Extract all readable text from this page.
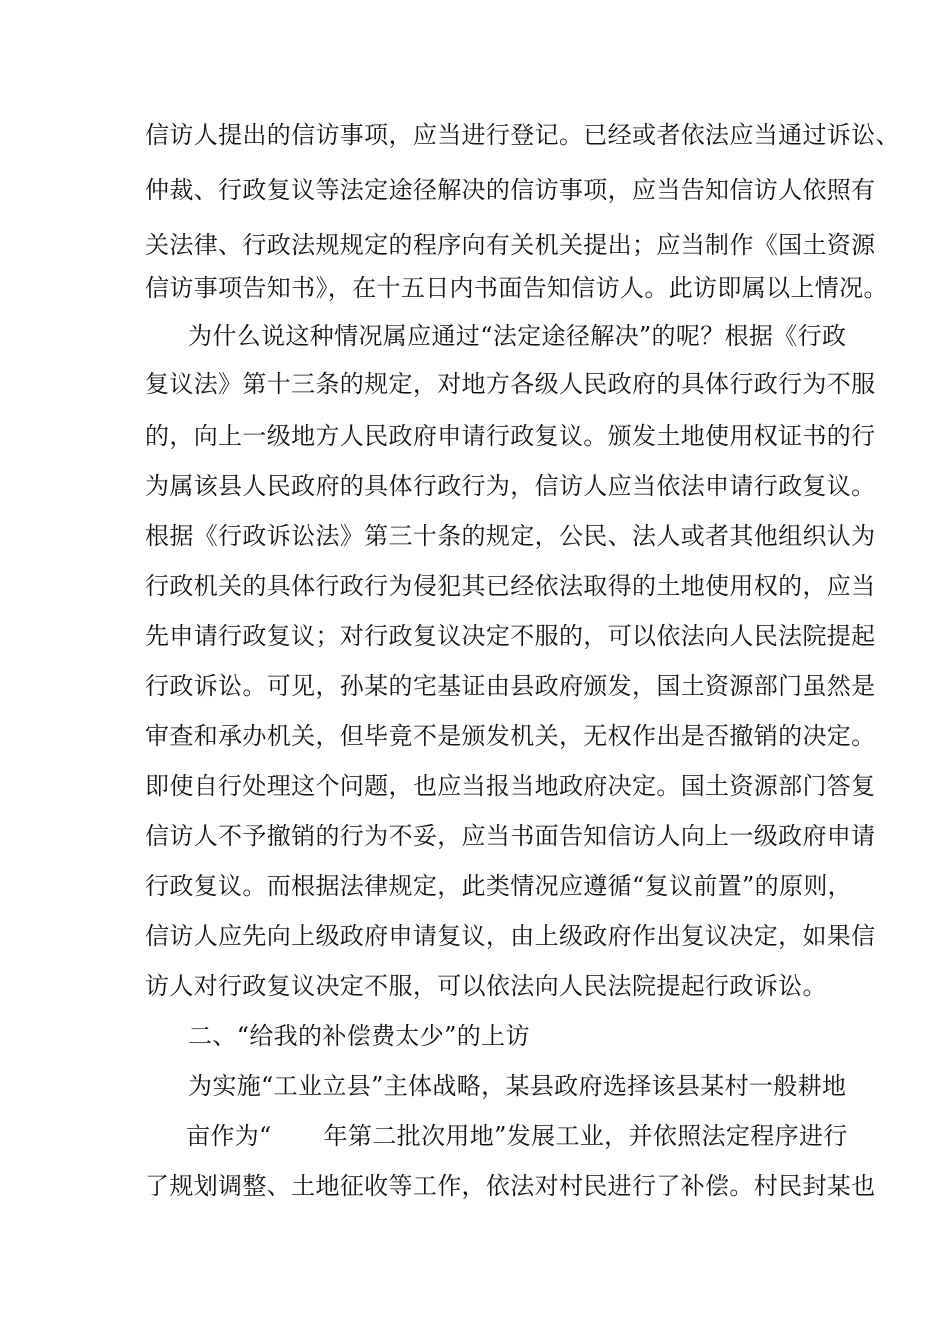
信访人提出的信访事项，应当进行登记。已经或者依法应当通过诉讼、
仲裁、行政复议等法定途径解决的信访事项，应当告知信访人依照有
关法律、行政法规规定的程序向有关机关提出；应当制作《国土资源
信访事项告知书》，在十五日内书面告知信访人。此访即属以上情况。
为什么说这种情况属应通过“法定途径解决”的呢？根据《行政
复议法》第十三条的规定，对地方各级人民政府的具体行政行为不服
的，向上一级地方人民政府申请行政复议。颁发土地使用权证书的行
为属该县人民政府的具体行政行为，信访人应当依法申请行政复议。
根据《行政诉讼法》第三十条的规定，公民、法人或者其他组织认为
行政机关的具体行政行为侵犯其已经依法取得的土地使用权的，应当
先申请行政复议；对行政复议决定不服的，可以依法向人民法院提起
行政诉讼。可见，孙某的宅基证由县政府颁发，国土资源部门虽然是
审查和承办机关，但毕竟不是颁发机关，无权作出是否撤销的决定。
即使自行处理这个问题，也应当报当地政府决定。国土资源部门答复
信访人不予撤销的行为不妥，应当书面告知信访人向上一级政府申请
行政复议。而根据法律规定，此类情况应遵循“复议前置”的原则，
信访人应先向上级政府申请复议，由上级政府作出复议决定，如果信
访人对行政复议决定不服，可以依法向人民法院提起行政诉讼。
二、“给我的补偿费太少”的上访
为实施“工业立县”主体战略，某县政府选择该县某村一般耕地
亩作为“ 年第二批次用地”发展工业，并依照法定程序进行
了规划调整、土地征收等工作，依法对村民进行了补偿。村民封某也
